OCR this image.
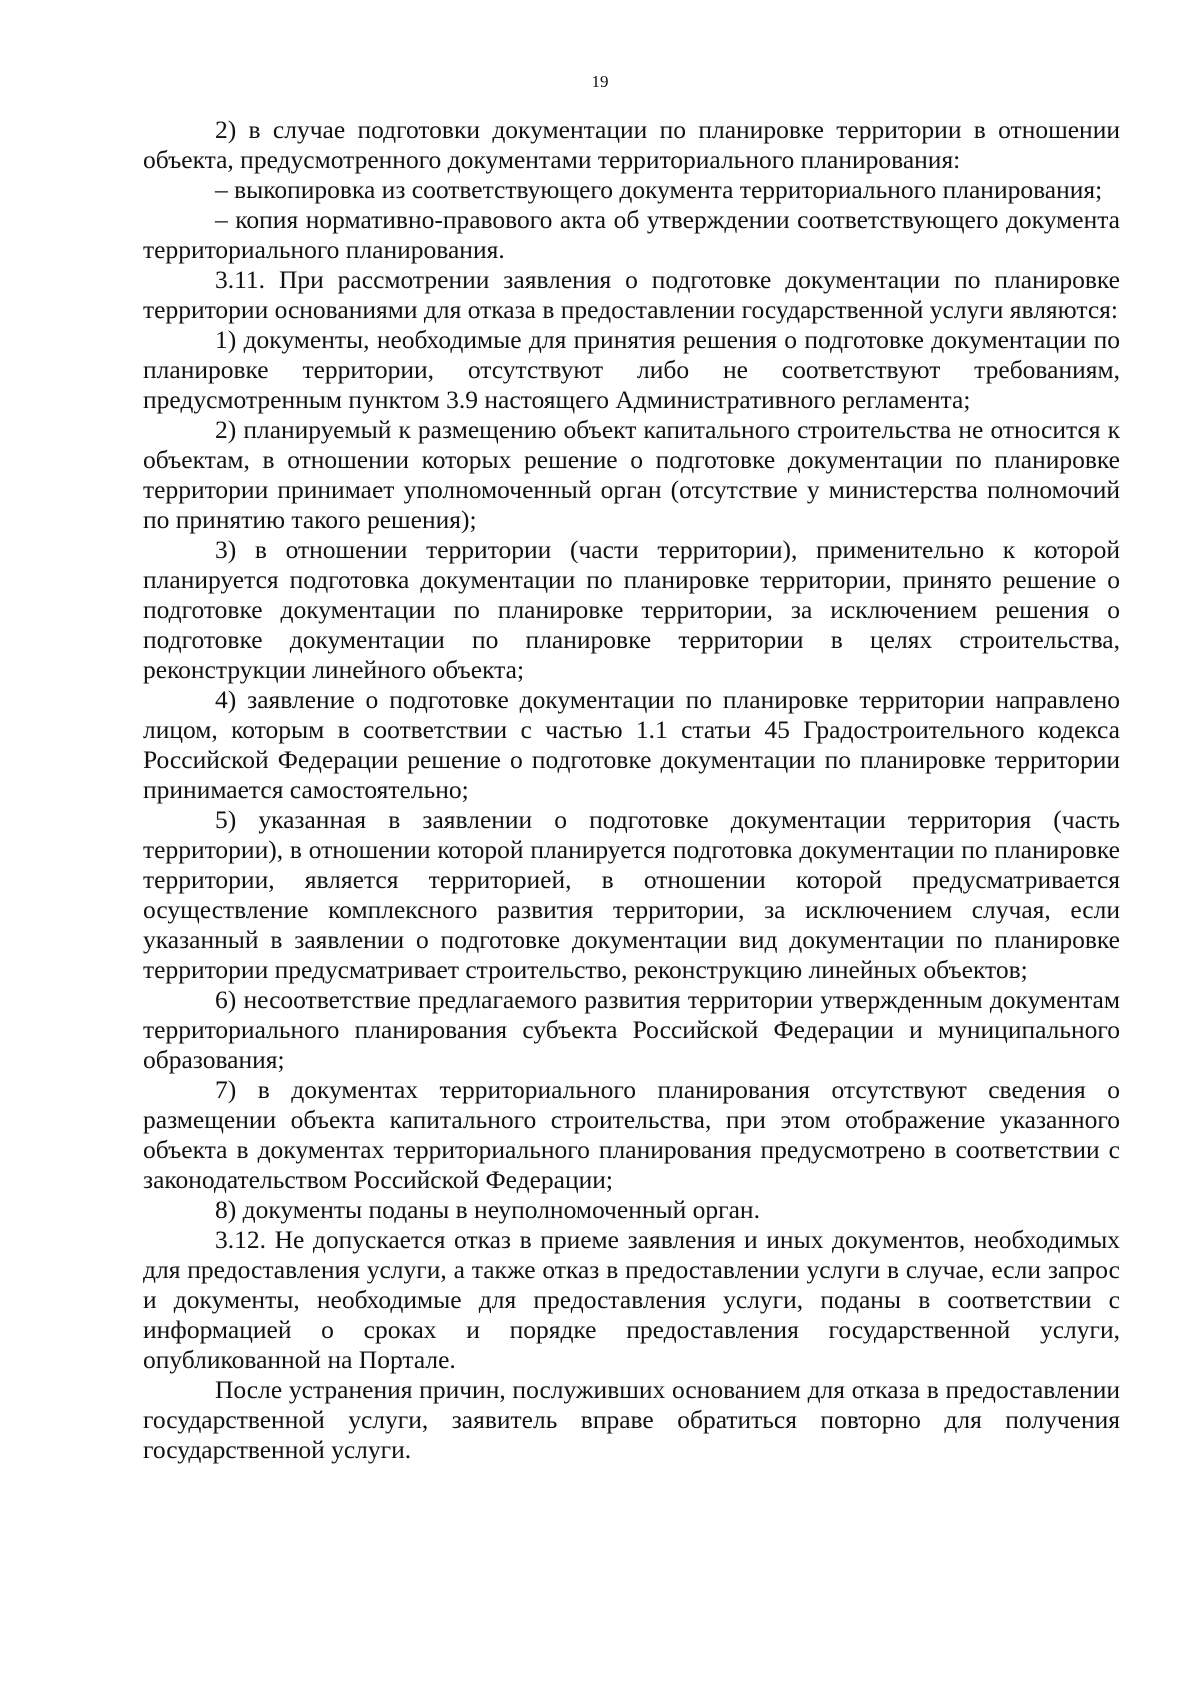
19

2) в случае подготовки документации по планировке территории в отношении объекта, предусмотренного документами территориального планирования:

– выкопировка из соответствующего документа территориального планирования;

– копия нормативно-правового акта об утверждении соответствующего документа территориального планирования.

3.11. При рассмотрении заявления о подготовке документации по планировке территории основаниями для отказа в предоставлении государственной услуги являются:

1) документы, необходимые для принятия решения о подготовке документации по планировке территории, отсутствуют либо не соответствуют требованиям, предусмотренным пунктом 3.9 настоящего Административного регламента;

2) планируемый к размещению объект капитального строительства не относится к объектам, в отношении которых решение о подготовке документации по планировке территории принимает уполномоченный орган (отсутствие у министерства полномочий по принятию такого решения);

3) в отношении территории (части территории), применительно к которой планируется подготовка документации по планировке территории, принято решение о подготовке документации по планировке территории, за исключением решения о подготовке документации по планировке территории в целях строительства, реконструкции линейного объекта;

4) заявление о подготовке документации по планировке территории направлено лицом, которым в соответствии с частью 1.1 статьи 45 Градостроительного кодекса Российской Федерации решение о подготовке документации по планировке территории принимается самостоятельно;

5) указанная в заявлении о подготовке документации территория (часть территории), в отношении которой планируется подготовка документации по планировке территории, является территорией, в отношении которой предусматривается осуществление комплексного развития территории, за исключением случая, если указанный в заявлении о подготовке документации вид документации по планировке территории предусматривает строительство, реконструкцию линейных объектов;

6) несоответствие предлагаемого развития территории утвержденным документам территориального планирования субъекта Российской Федерации и муниципального образования;

7) в документах территориального планирования отсутствуют сведения о размещении объекта капитального строительства, при этом отображение указанного объекта в документах территориального планирования предусмотрено в соответствии с законодательством Российской Федерации;

8) документы поданы в неуполномоченный орган.

3.12. Не допускается отказ в приеме заявления и иных документов, необходимых для предоставления услуги, а также отказ в предоставлении услуги в случае, если запрос и документы, необходимые для предоставления услуги, поданы в соответствии с информацией о сроках и порядке предоставления государственной услуги, опубликованной на Портале.

После устранения причин, послуживших основанием для отказа в предоставлении государственной услуги, заявитель вправе обратиться повторно для получения государственной услуги.
